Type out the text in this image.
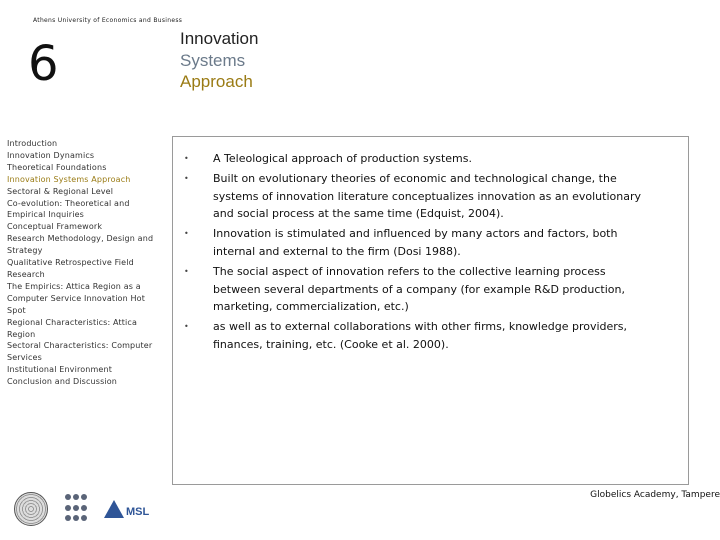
Athens University of Economics and Business
6	Innovation
Systems
Approach
Introduction
Innovation Dynamics
Theoretical Foundations
Innovation Systems Approach
Sectoral & Regional Level
Co-evolution: Theoretical and Empirical Inquiries
Conceptual Framework
Research Methodology, Design and Strategy
Qualitative Retrospective Field Research
The Empirics: Attica Region as a Computer Service Innovation Hot Spot
Regional Characteristics: Attica Region
Sectoral Characteristics: Computer Services
Institutional Environment
Conclusion and Discussion
•	A Teleological approach of production systems.
•	Built on evolutionary theories of economic and technological change, the systems of innovation literature conceptualizes innovation as an evolutionary and social process at the same time (Edquist, 2004).
•	Innovation is stimulated and influenced by many actors and factors, both internal and external to the firm (Dosi 1988).
•	The social aspect of innovation refers to the collective learning process between several departments of a company (for example R&D production, marketing, commercialization, etc.)
•	as well as to external collaborations with other firms, knowledge providers, finances, training, etc. (Cooke et al. 2000).
MSL
Globelics Academy, Tampere
